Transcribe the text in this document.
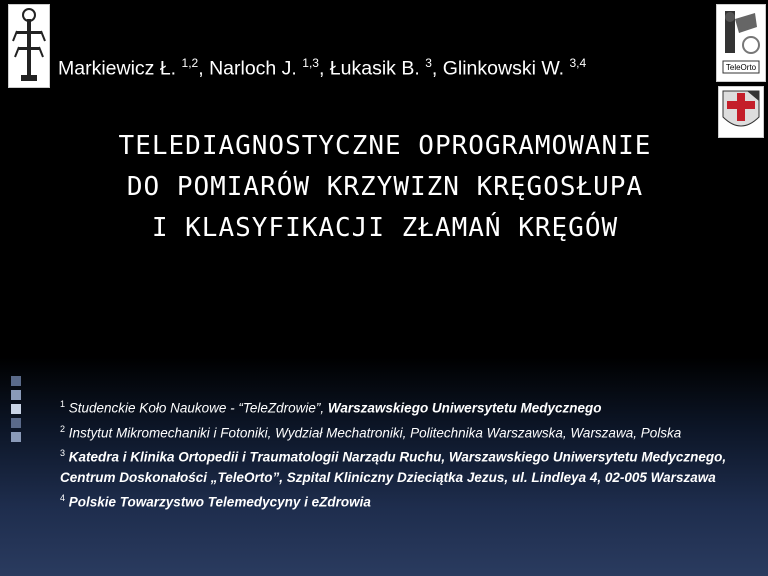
TeleOrto
Markiewicz Ł. $^{1,2}$, Narloch J. $^{1,3}$, Łukasik B. $^3$, Glinkowski W. $^{3,4}$
TELEDIAGNOSTYCZNE OPROGRAMOWANIE
DO POMIARÓW KRZYWIZN KRĘGOSŁUPA
I KLASYFIKACJI ZŁAMAŃ KRĘGÓW
$^1$ Studenckie Koło Naukowe - “TeleZdrowie”, Warszawskiego Uniwersytetu Medycznego
$^2$ Instytut Mikromechaniki i Fotoniki, Wydział Mechatroniki, Politechnika Warszawska, Warszawa, Polska
$^3$ Katedra i Klinika Ortopedii i Traumatologii Narządu Ruchu, Warszawskiego Uniwersytetu Medycznego, Centrum Doskonałości „TeleOrto”, Szpital Kliniczny Dzieciątka Jezus, ul. Lindleya 4, 02-005 Warszawa
$^4$ Polskie Towarzystwo Telemedycyny i eZdrowia
